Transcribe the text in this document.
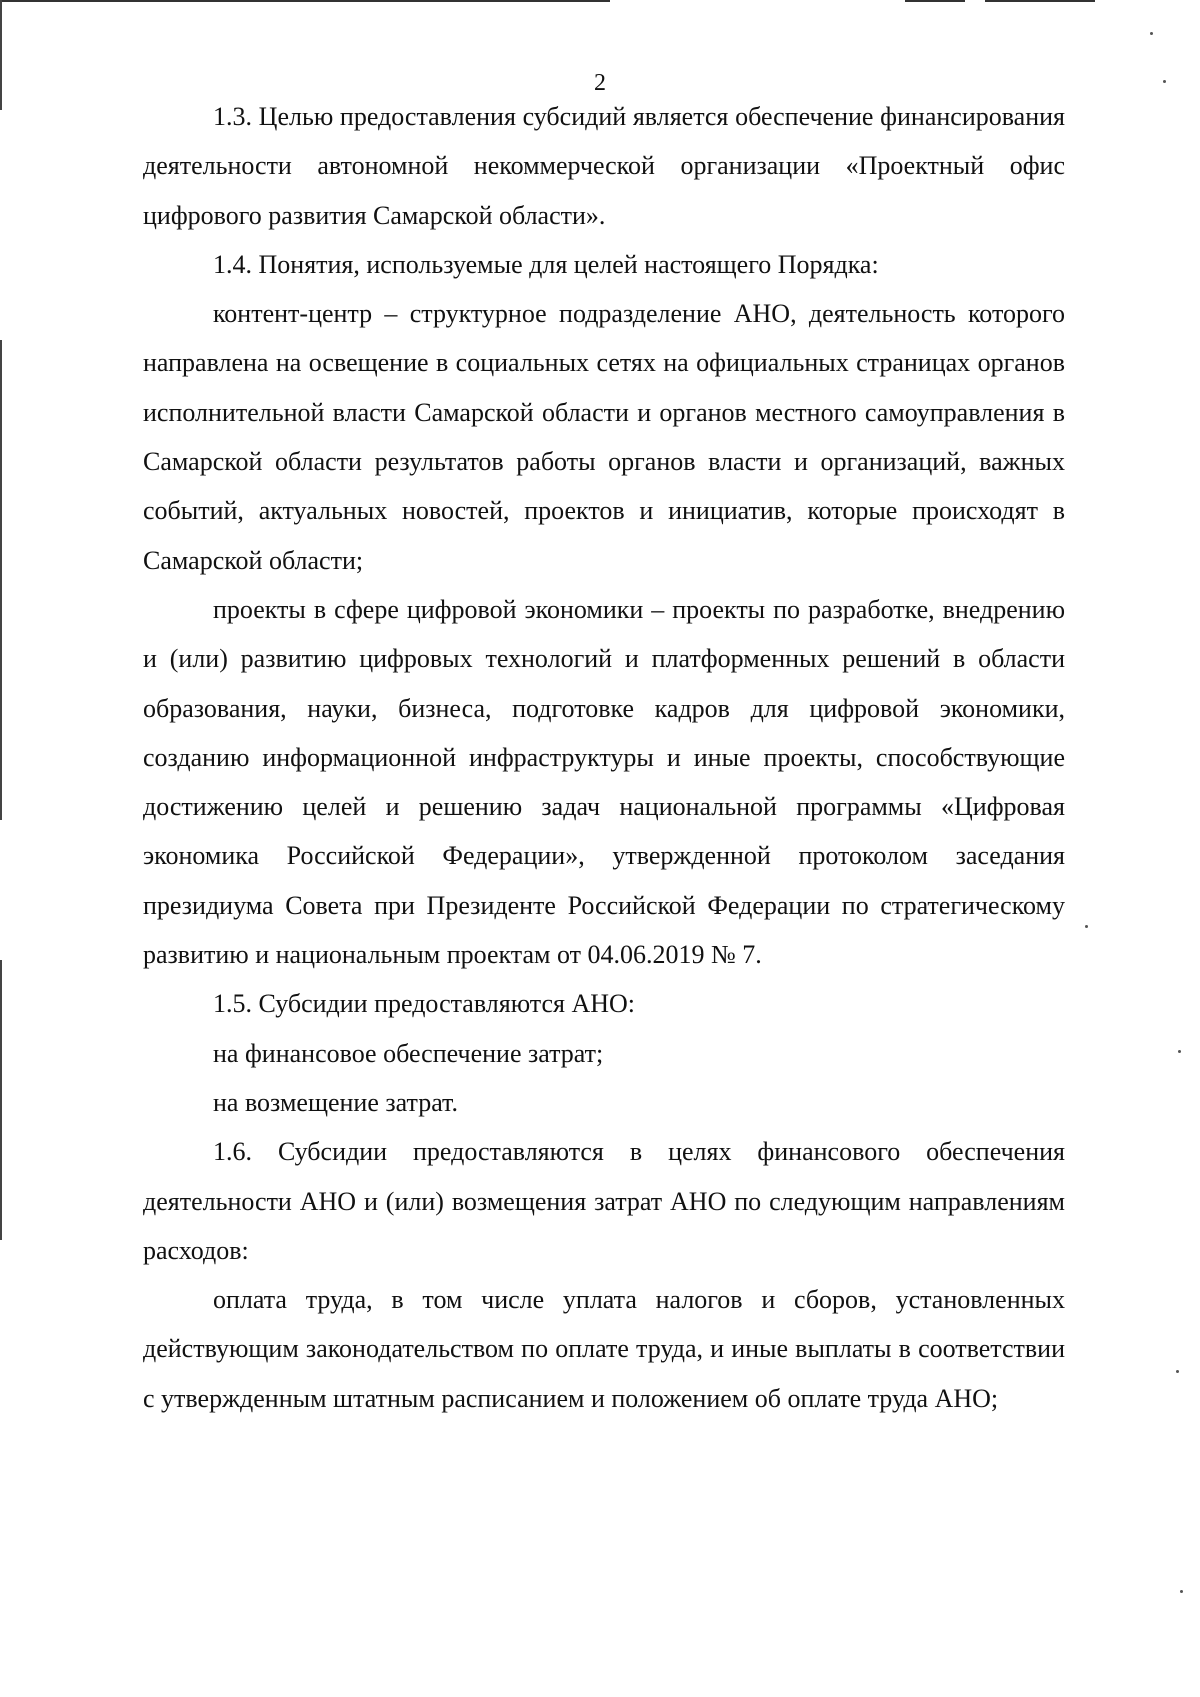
2

1.3. Целью предоставления субсидий является обеспечение финансирования деятельности автономной некоммерческой организации «Проектный офис цифрового развития Самарской области».

1.4. Понятия, используемые для целей настоящего Порядка:

контент-центр – структурное подразделение АНО, деятельность которого направлена на освещение в социальных сетях на официальных страницах органов исполнительной власти Самарской области и органов местного самоуправления в Самарской области результатов работы органов власти и организаций, важных событий, актуальных новостей, проектов и инициатив, которые происходят в Самарской области;

проекты в сфере цифровой экономики – проекты по разработке, внедрению и (или) развитию цифровых технологий и платформенных решений в области образования, науки, бизнеса, подготовке кадров для цифровой экономики, созданию информационной инфраструктуры и иные проекты, способствующие достижению целей и решению задач национальной программы «Цифровая экономика Российской Федерации», утвержденной протоколом заседания президиума Совета при Президенте Российской Федерации по стратегическому развитию и национальным проектам от 04.06.2019 № 7.

1.5. Субсидии предоставляются АНО:

на финансовое обеспечение затрат;

на возмещение затрат.

1.6. Субсидии предоставляются в целях финансового обеспечения деятельности АНО и (или) возмещения затрат АНО по следующим направлениям расходов:

оплата труда, в том числе уплата налогов и сборов, установленных действующим законодательством по оплате труда, и иные выплаты в соответствии с утвержденным штатным расписанием и положением об оплате труда АНО;
